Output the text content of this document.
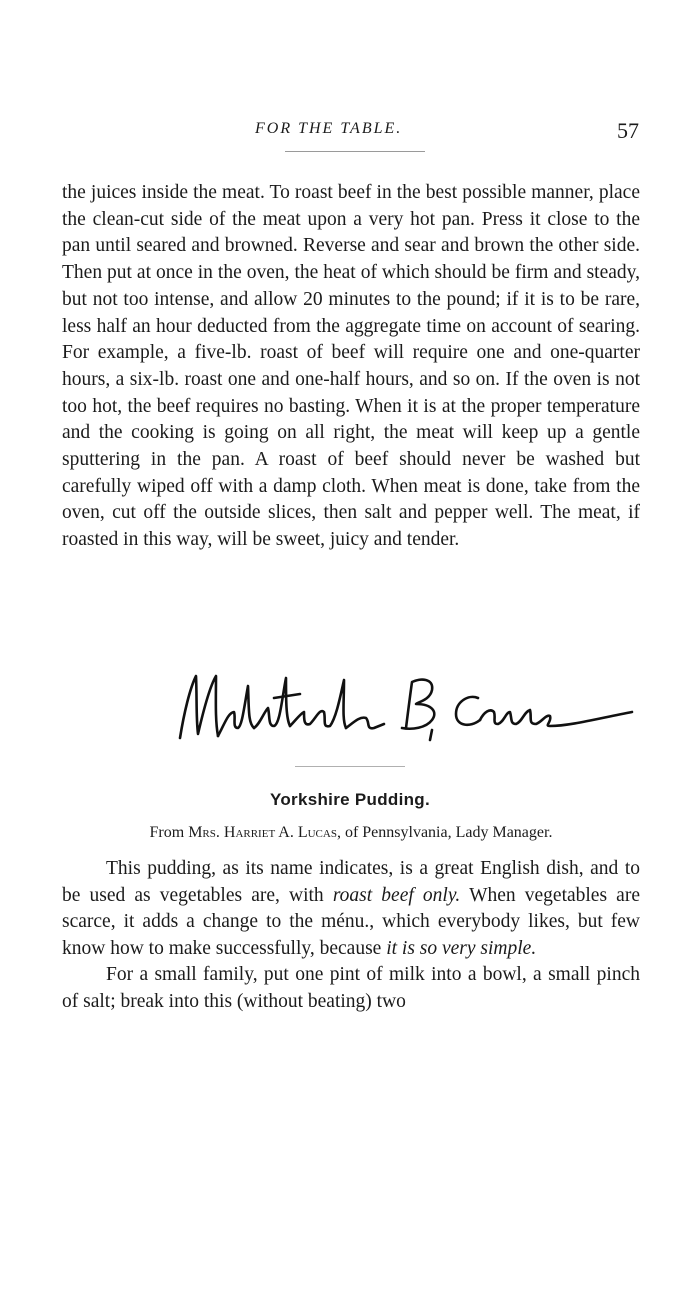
FOR THE TABLE.	57

the juices inside the meat. To roast beef in the best possible manner, place the clean-cut side of the meat upon a very hot pan. Press it close to the pan until seared and browned. Reverse and sear and brown the other side. Then put at once in the oven, the heat of which should be firm and steady, but not too intense, and allow 20 minutes to the pound; if it is to be rare, less half an hour deducted from the aggregate time on account of searing. For example, a five-lb. roast of beef will require one and one-quarter hours, a six-lb. roast one and one-half hours, and so on. If the oven is not too hot, the beef requires no basting. When it is at the proper temperature and the cooking is going on all right, the meat will keep up a gentle sputtering in the pan. A roast of beef should never be washed but carefully wiped off with a damp cloth. When meat is done, take from the oven, cut off the outside slices, then salt and pepper well. The meat, if roasted in this way, will be sweet, juicy and tender.

Yorkshire Pudding.
From Mrs. Harriet A. Lucas, of Pennsylvania, Lady Manager.

This pudding, as its name indicates, is a great English dish, and to be used as vegetables are, with roast beef only. When vegetables are scarce, it adds a change to the ménu., which everybody likes, but few know how to make successfully, because it is so very simple.

For a small family, put one pint of milk into a bowl, a small pinch of salt; break into this (without beating) two
